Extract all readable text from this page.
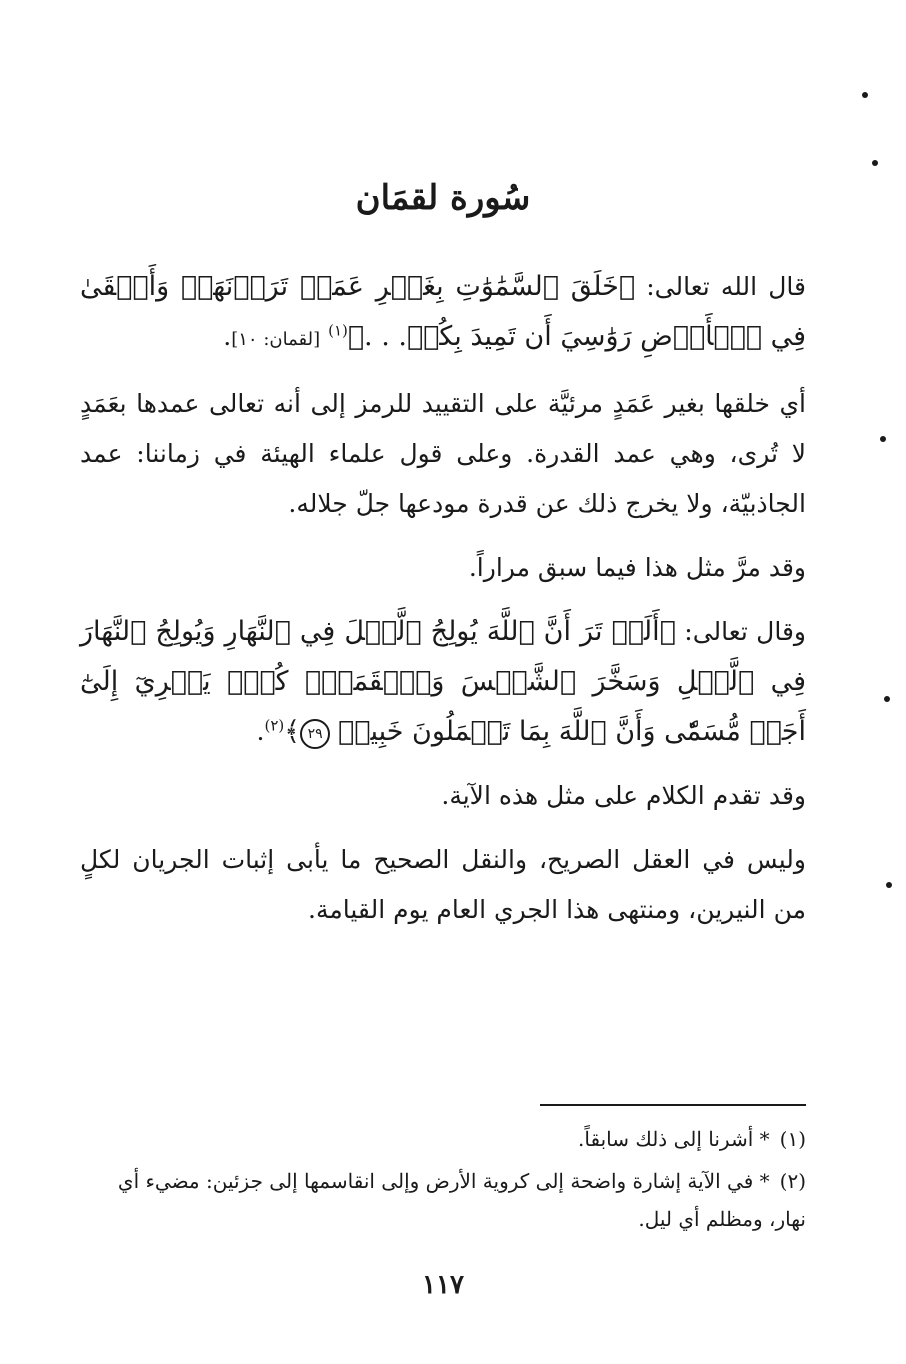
سُورة لقمَان

قال الله تعالى: ﴿خَلَقَ ٱلسَّمَٰوَٰتِ بِغَيۡرِ عَمَدٖ تَرَوۡنَهَاۖ وَأَلۡقَىٰ فِي ٱلۡأَرۡضِ رَوَٰسِيَ أَن تَمِيدَ بِكُمۡ. . .﴾$^{(١)}$ [لقمان: ١٠].

أي خلقها بغير عَمَدٍ مرئيَّة على التقييد للرمز إلى أنه تعالى عمدها بعَمَدٍ لا تُرى، وهي عمد القدرة. وعلى قول علماء الهيئة في زماننا: عمد الجاذبيّة، ولا يخرج ذلك عن قدرة مودعها جلّ جلاله.

وقد مرَّ مثل هذا فيما سبق مراراً.

وقال تعالى: ﴿أَلَمۡ تَرَ أَنَّ ٱللَّهَ يُولِجُ ٱلَّيۡلَ فِي ٱلنَّهَارِ وَيُولِجُ ٱلنَّهَارَ فِي ٱلَّيۡلِ وَسَخَّرَ ٱلشَّمۡسَ وَٱلۡقَمَرَۖ كُلّٞ يَجۡرِيٓ إِلَىٰٓ أَجَلٖ مُّسَمّٗى وَأَنَّ ٱللَّهَ بِمَا تَعۡمَلُونَ خَبِيرٞ ٢٩﴾$^{(٢)}$.

وقد تقدم الكلام على مثل هذه الآية.

وليس في العقل الصريح، والنقل الصحيح ما يأبى إثبات الجريان لكلٍ من النيرين، ومنتهى هذا الجري العام يوم القيامة.

(١)* أشرنا إلى ذلك سابقاً.

(٢)* في الآية إشارة واضحة إلى كروية الأرض وإلى انقاسمها إلى جزئين: مضيء أي نهار، ومظلم أي ليل.

١١٧
